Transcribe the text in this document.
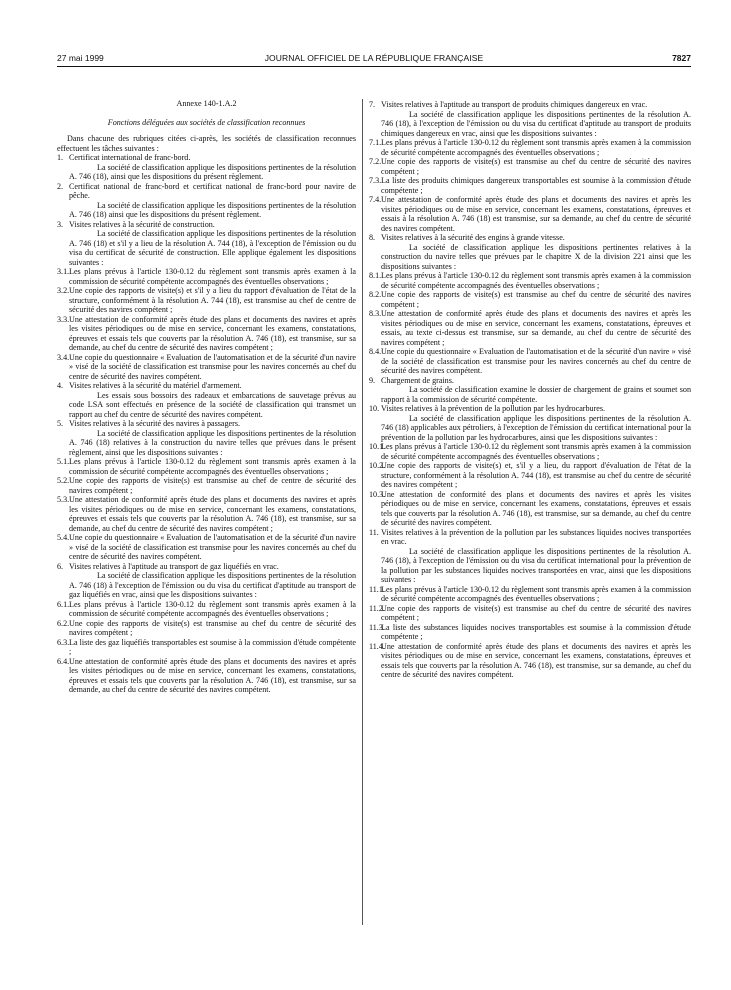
27 mai 1999	JOURNAL OFFICIEL DE LA RÉPUBLIQUE FRANÇAISE	7827

Annexe 140-1.A.2

Fonctions déléguées aux sociétés de classification reconnues

Dans chacune des rubriques citées ci-après, les sociétés de classification reconnues effectuent les tâches suivantes :

1. Certificat international de franc-bord.

La société de classification applique les dispositions pertinentes de la résolution A. 746 (18), ainsi que les dispositions du présent règlement.

2. Certificat national de franc-bord et certificat national de franc-bord pour navire de pêche.

La société de classification applique les dispositions pertinentes de la résolution A. 746 (18) ainsi que les dispositions du présent règlement.

3. Visites relatives à la sécurité de construction.

La société de classification applique les dispositions pertinentes de la résolution A. 746 (18) et s'il y a lieu de la résolution A. 744 (18), à l'exception de l'émission ou du visa du certificat de sécurité de construction. Elle applique également les dispositions suivantes :

3.1. Les plans prévus à l'article 130-0.12 du règlement sont transmis après examen à la commission de sécurité compétente accompagnés des éventuelles observations ;

3.2. Une copie des rapports de visite(s) et s'il y a lieu du rapport d'évaluation de l'état de la structure, conformément à la résolution A. 744 (18), est transmise au chef de centre de sécurité des navires compétent ;

3.3. Une attestation de conformité après étude des plans et documents des navires et après les visites périodiques ou de mise en service, concernant les examens, constatations, épreuves et essais tels que couverts par la résolution A. 746 (18), est transmise, sur sa demande, au chef du centre de sécurité des navires compétent ;

3.4. Une copie du questionnaire « Evaluation de l'automatisation et de la sécurité d'un navire » visé de la société de classification est transmise pour les navires concernés au chef du centre de sécurité des navires compétent.

4. Visites relatives à la sécurité du matériel d'armement.

Les essais sous bossoirs des radeaux et embarcations de sauvetage prévus au code LSA sont effectués en présence de la société de classification qui transmet un rapport au chef du centre de sécurité des navires compétent.

5. Visites relatives à la sécurité des navires à passagers.

La société de classification applique les dispositions pertinentes de la résolution A. 746 (18) relatives à la construction du navire telles que prévues dans le présent règlement, ainsi que les dispositions suivantes :

5.1. Les plans prévus à l'article 130-0.12 du règlement sont transmis après examen à la commission de sécurité compétente accompagnés des éventuelles observations ;

5.2. Une copie des rapports de visite(s) est transmise au chef de centre de sécurité des navires compétent ;

5.3. Une attestation de conformité après étude des plans et documents des navires et après les visites périodiques ou de mise en service, concernant les examens, constatations, épreuves et essais tels que couverts par la résolution A. 746 (18), est transmise, sur sa demande, au chef du centre de sécurité des navires compétent ;

5.4. Une copie du questionnaire « Evaluation de l'automatisation et de la sécurité d'un navire » visé de la société de classification est transmise pour les navires concernés au chef du centre de sécurité des navires compétent.

6. Visites relatives à l'aptitude au transport de gaz liquéfiés en vrac.

La société de classification applique les dispositions pertinentes de la résolution A. 746 (18) à l'exception de l'émission ou du visa du certificat d'aptitude au transport de gaz liquéfiés en vrac, ainsi que les dispositions suivantes :

6.1. Les plans prévus à l'article 130-0.12 du règlement sont transmis après examen à la commission de sécurité compétente accompagnés des éventuelles observations ;

6.2. Une copie des rapports de visite(s) est transmise au chef du centre de sécurité des navires compétent ;

6.3. La liste des gaz liquéfiés transportables est soumise à la commission d'étude compétente ;

6.4. Une attestation de conformité après étude des plans et documents des navires et après les visites périodiques ou de mise en service, concernant les examens, constatations, épreuves et essais tels que couverts par la résolution A. 746 (18), est transmise, sur sa demande, au chef du centre de sécurité des navires compétent.

7. Visites relatives à l'aptitude au transport de produits chimiques dangereux en vrac.

La société de classification applique les dispositions pertinentes de la résolution A. 746 (18), à l'exception de l'émission ou du visa du certificat d'aptitude au transport de produits chimiques dangereux en vrac, ainsi que les dispositions suivantes :

7.1. Les plans prévus à l'article 130-0.12 du règlement sont transmis après examen à la commission de sécurité compétente accompagnés des éventuelles observations ;

7.2. Une copie des rapports de visite(s) est transmise au chef du centre de sécurité des navires compétent ;

7.3. La liste des produits chimiques dangereux transportables est soumise à la commission d'étude compétente ;

7.4. Une attestation de conformité après étude des plans et documents des navires et après les visites périodiques ou de mise en service, concernant les examens, constatations, épreuves et essais à la résolution A. 746 (18) est transmise, sur sa demande, au chef du centre de sécurité des navires compétent.

8. Visites relatives à la sécurité des engins à grande vitesse.

La société de classification applique les dispositions pertinentes relatives à la construction du navire telles que prévues par le chapitre X de la division 221 ainsi que les dispositions suivantes :

8.1. Les plans prévus à l'article 130-0.12 du règlement sont transmis après examen à la commission de sécurité compétente accompagnés des éventuelles observations ;

8.2. Une copie des rapports de visite(s) est transmise au chef du centre de sécurité des navires compétent ;

8.3. Une attestation de conformité après étude des plans et documents des navires et après les visites périodiques ou de mise en service, concernant les examens, constatations, épreuves et essais, au texte ci-dessus est transmise, sur sa demande, au chef du centre de sécurité des navires compétent ;

8.4. Une copie du questionnaire « Evaluation de l'automatisation et de la sécurité d'un navire » visé de la société de classification est transmise pour les navires concernés au chef du centre de sécurité des navires compétent.

9. Chargement de grains.

La société de classification examine le dossier de chargement de grains et soumet son rapport à la commission de sécurité compétente.

10. Visites relatives à la prévention de la pollution par les hydrocarbures.

La société de classification applique les dispositions pertinentes de la résolution A. 746 (18) applicables aux pétroliers, à l'exception de l'émission du certificat international pour la prévention de la pollution par les hydrocarbures, ainsi que les dispositions suivantes :

10.1.
Les plans prévus à l'article 130-0.12 du règlement sont transmis après examen à la commission de sécurité compétente accompagnés des éventuelles observations ;

10.2.
Une copie des rapports de visite(s) et, s'il y a lieu, du rapport d'évaluation de l'état de la structure, conformément à la résolution A. 744 (18), est transmise au chef du centre de sécurité des navires compétent ;

10.3.
Une attestation de conformité des plans et documents des navires et après les visites périodiques ou de mise en service, concernant les examens, constatations, épreuves et essais tels que couverts par la résolution A. 746 (18), est transmise, sur sa demande, au chef du centre de sécurité des navires compétent.

11. Visites relatives à la prévention de la pollution par les substances liquides nocives transportées en vrac.

La société de classification applique les dispositions pertinentes de la résolution A. 746 (18), à l'exception de l'émission ou du visa du certificat international pour la prévention de la pollution par les substances liquides nocives transportées en vrac, ainsi que les dispositions suivantes :

11.1.
Les plans prévus à l'article 130-0.12 du règlement sont transmis après examen à la commission de sécurité compétente accompagnés des éventuelles observations ;

11.2.
Une copie des rapports de visite(s) est transmise au chef du centre de sécurité des navires compétent ;

11.3.
La liste des substances liquides nocives transportables est soumise à la commission d'étude compétente ;

11.4.
Une attestation de conformité après étude des plans et documents des navires et après les visites périodiques ou de mise en service, concernant les examens, constatations, épreuves et essais tels que couverts par la résolution A. 746 (18), est transmise, sur sa demande, au chef du centre de sécurité des navires compétent.
